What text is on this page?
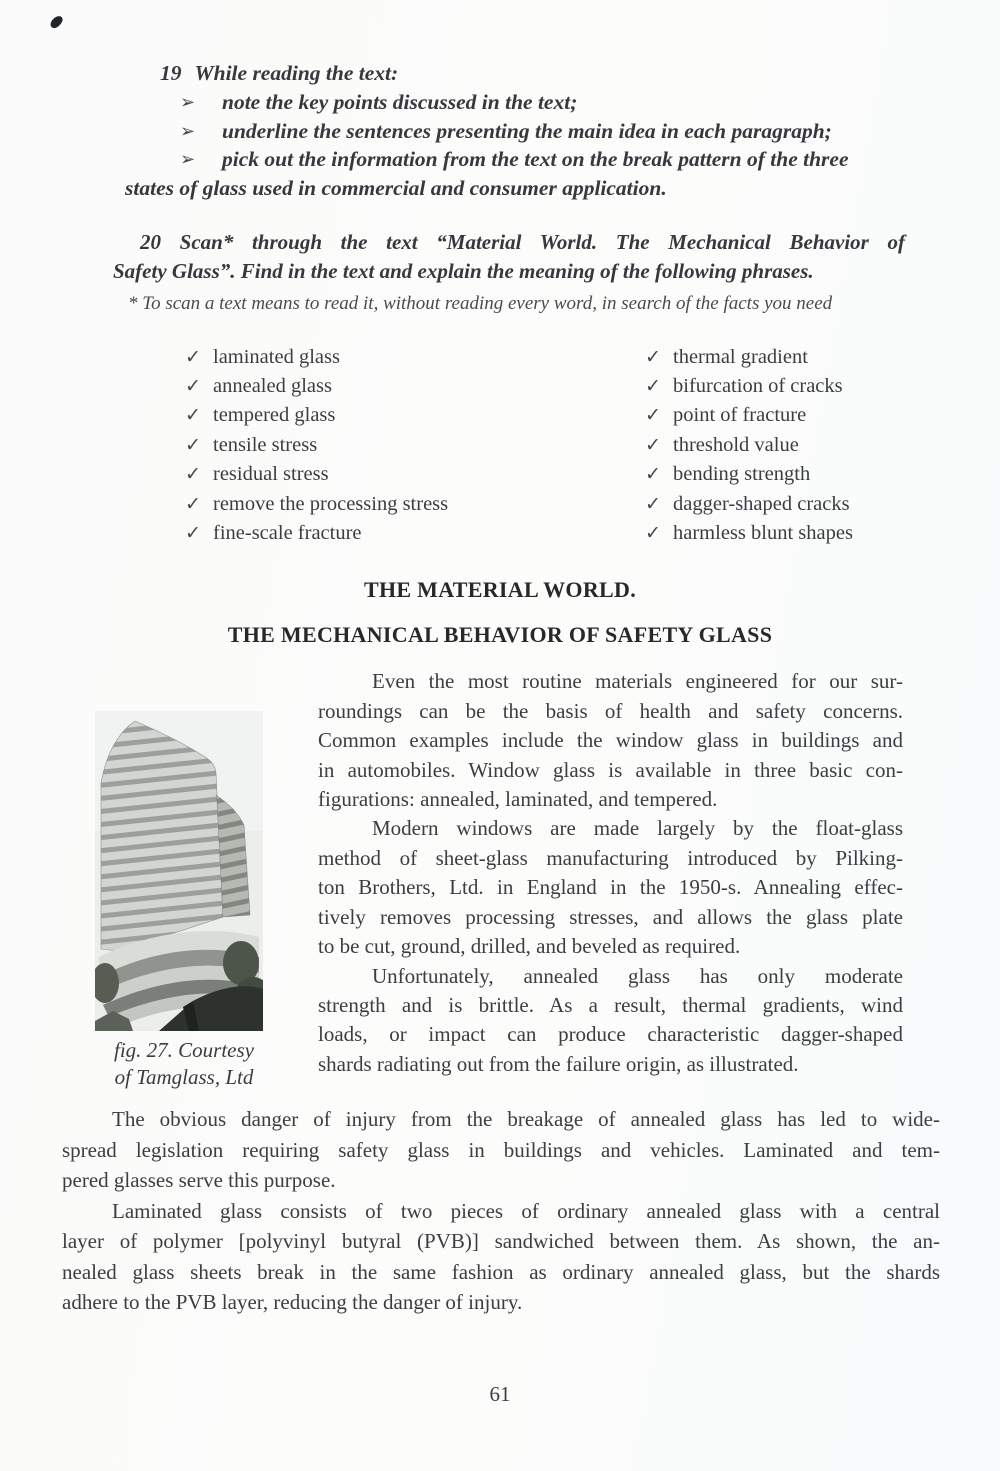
19 While reading the text:
➢	note the key points discussed in the text;
➢	underline the sentences presenting the main idea in each paragraph;
➢	pick out the information from the text on the break pattern of the three
states of glass used in commercial and consumer application.
20 Scan* through the text “Material World. The Mechanical Behavior of
Safety Glass”. Find in the text and explain the meaning of the following phrases.
* To scan a text means to read it, without reading every word, in search of the facts you need
✓ laminated glass
✓ annealed glass
✓ tempered glass
✓ tensile stress
✓ residual stress
✓ remove the processing stress
✓ fine-scale fracture
✓ thermal gradient
✓ bifurcation of cracks
✓ point of fracture
✓ threshold value
✓ bending strength
✓ dagger-shaped cracks
✓ harmless blunt shapes
THE MATERIAL WORLD.
THE MECHANICAL BEHAVIOR OF SAFETY GLASS
fig. 27. Courtesy
of Tamglass, Ltd
Even the most routine materials engineered for our sur-
roundings can be the basis of health and safety concerns.
Common examples include the window glass in buildings and
in automobiles. Window glass is available in three basic con-
figurations: annealed, laminated, and tempered.
Modern windows are made largely by the float-glass
method of sheet-glass manufacturing introduced by Pilking-
ton Brothers, Ltd. in England in the 1950-s. Annealing effec-
tively removes processing stresses, and allows the glass plate
to be cut, ground, drilled, and beveled as required.
Unfortunately, annealed glass has only moderate
strength and is brittle. As a result, thermal gradients, wind
loads, or impact can produce characteristic dagger-shaped
shards radiating out from the failure origin, as illustrated.
The obvious danger of injury from the breakage of annealed glass has led to wide-
spread legislation requiring safety glass in buildings and vehicles. Laminated and tem-
pered glasses serve this purpose.
Laminated glass consists of two pieces of ordinary annealed glass with a central
layer of polymer [polyvinyl butyral (PVB)] sandwiched between them. As shown, the an-
nealed glass sheets break in the same fashion as ordinary annealed glass, but the shards
adhere to the PVB layer, reducing the danger of injury.
61
